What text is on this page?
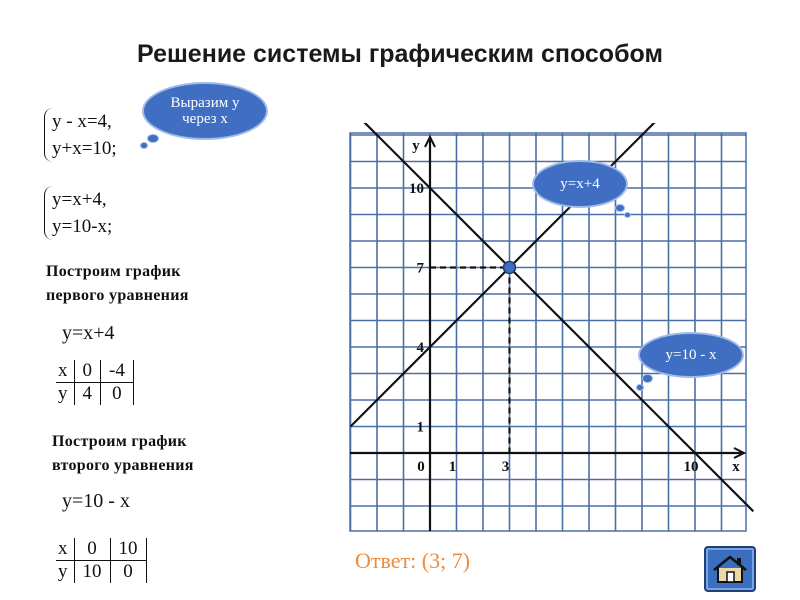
Решение системы графическим способом
y - x=4,
y+x=10;
y=x+4,
y=10-x;
Выразим у
через х
Построим график
первого уравнения
y=x+4
x	0	-4
y	4	0
Построим график
второго уравнения
y=10 - x
x	0	10
y	10	0
0 1	3	10
10
7
4
1
x
y
y=x+4
y=10 - x
Ответ: (3; 7)
